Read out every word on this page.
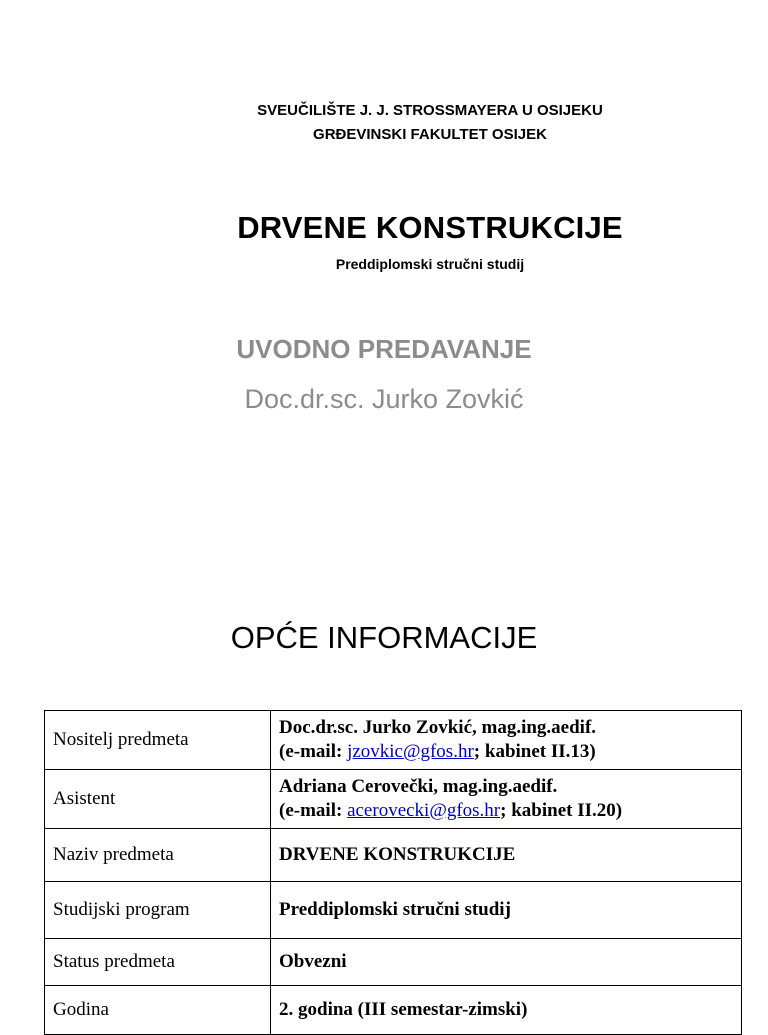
SVEUČILIŠTE J. J. STROSSMAYERA U OSIJEKU
GRĐEVINSKI FAKULTET OSIJEK
DRVENE KONSTRUKCIJE
Preddiplomski stručni studij
UVODNO PREDAVANJE
Doc.dr.sc. Jurko Zovkić
OPĆE INFORMACIJE
Nositelj predmeta	Doc.dr.sc. Jurko Zovkić, mag.ing.aedif.
(e-mail: jzovkic@gfos.hr; kabinet II.13)

Asistent	Adriana Cerovečki, mag.ing.aedif.
(e-mail: acerovecki@gfos.hr; kabinet II.20)

Naziv predmeta	DRVENE KONSTRUKCIJE
Studijski program	Preddiplomski stručni studij
Status predmeta	Obvezni
Godina	2. godina (III semestar-zimski)
